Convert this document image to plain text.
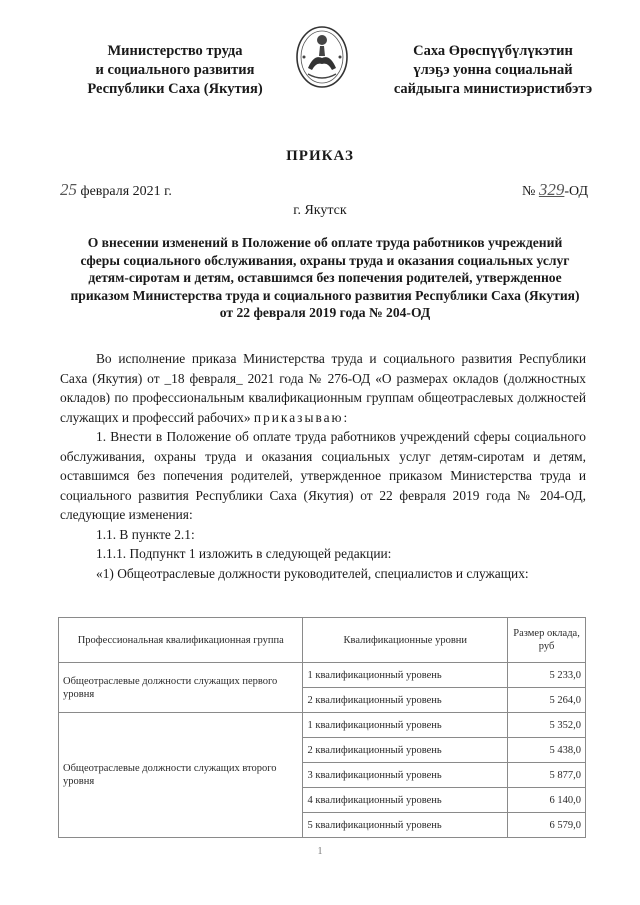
Министерство труда
и социального развития
Республики Саха (Якутия)
Саха Өрөспүүбүлүкэтин
үлэҕэ уонна социальнай
сайдыыга министиэристибэтэ
ПРИКАЗ
25 февраля 2021 г.	№ 329-ОД
г. Якутск
О внесении изменений в Положение об оплате труда работников учреждений сферы социального обслуживания, охраны труда и оказания социальных услуг детям-сиротам и детям, оставшимся без попечения родителей, утвержденное приказом Министерства труда и социального развития Республики Саха (Якутия) от 22 февраля 2019 года № 204-ОД

Во исполнение приказа Министерства труда и социального развития Республики Саха (Якутия) от _18 февраля_ 2021 года № 276-ОД «О размерах окладов (должностных окладов) по профессиональным квалификационным группам общеотраслевых должностей служащих и профессий рабочих» приказываю:

1. Внести в Положение об оплате труда работников учреждений сферы социального обслуживания, охраны труда и оказания социальных услуг детям-сиротам и детям, оставшимся без попечения родителей, утвержденное приказом Министерства труда и социального развития Республики Саха (Якутия) от 22 февраля 2019 года № 204-ОД, следующие изменения:

1.1. В пункте 2.1:

1.1.1. Подпункт 1 изложить в следующей редакции:

«1) Общеотраслевые должности руководителей, специалистов и служащих:

Профессиональная квалификационная группа	Квалификационные уровни	Размер оклада, руб
Общеотраслевые должности служащих первого уровня	1 квалификационный уровень	5 233,0
	2 квалификационный уровень	5 264,0
Общеотраслевые должности служащих второго уровня	1 квалификационный уровень	5 352,0
	2 квалификационный уровень	5 438,0
	3 квалификационный уровень	5 877,0
	4 квалификационный уровень	6 140,0
	5 квалификационный уровень	6 579,0
1
